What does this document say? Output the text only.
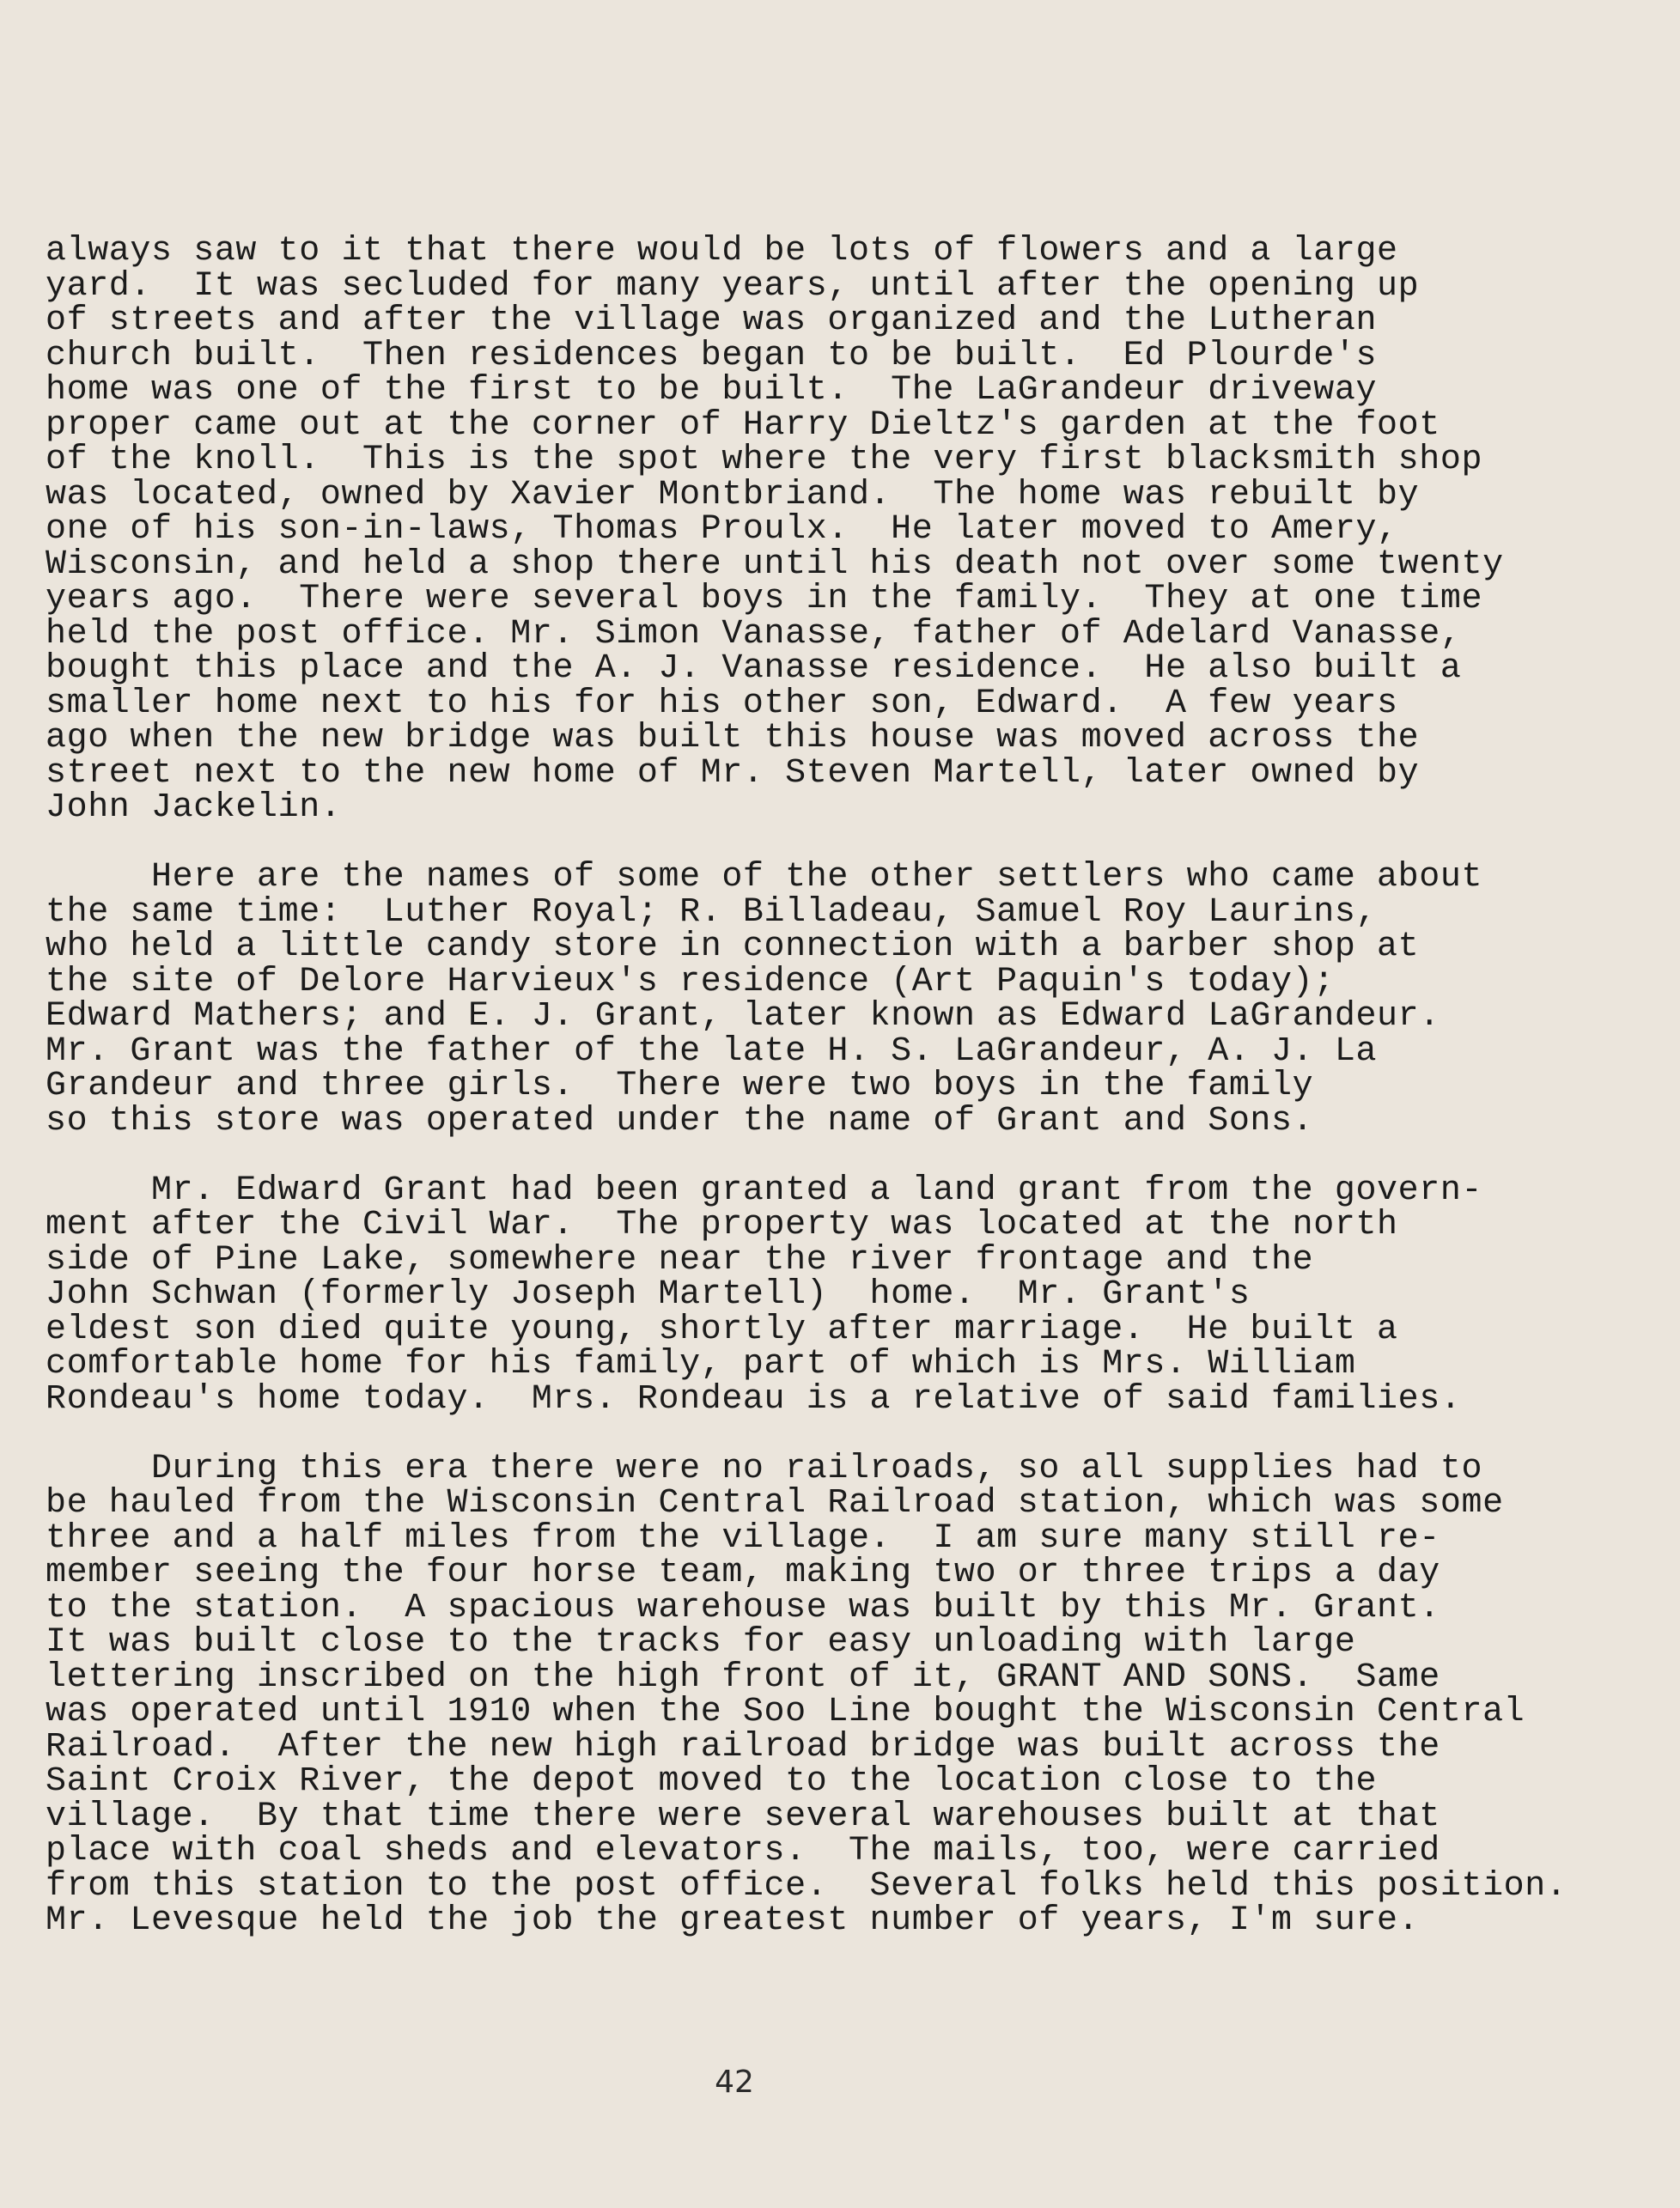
always saw to it that there would be lots of flowers and a large
yard.  It was secluded for many years, until after the opening up
of streets and after the village was organized and the Lutheran
church built.  Then residences began to be built.  Ed Plourde's
home was one of the first to be built.  The LaGrandeur driveway
proper came out at the corner of Harry Dieltz's garden at the foot
of the knoll.  This is the spot where the very first blacksmith shop
was located, owned by Xavier Montbriand.  The home was rebuilt by
one of his son-in-laws, Thomas Proulx.  He later moved to Amery,
Wisconsin, and held a shop there until his death not over some twenty
years ago.  There were several boys in the family.  They at one time
held the post office. Mr. Simon Vanasse, father of Adelard Vanasse,
bought this place and the A. J. Vanasse residence.  He also built a
smaller home next to his for his other son, Edward.  A few years
ago when the new bridge was built this house was moved across the
street next to the new home of Mr. Steven Martell, later owned by
John Jackelin.
Here are the names of some of the other settlers who came about
the same time:  Luther Royal; R. Billadeau, Samuel Roy Laurins,
who held a little candy store in connection with a barber shop at
the site of Delore Harvieux's residence (Art Paquin's today);
Edward Mathers; and E. J. Grant, later known as Edward LaGrandeur.
Mr. Grant was the father of the late H. S. LaGrandeur, A. J. La
Grandeur and three girls.  There were two boys in the family
so this store was operated under the name of Grant and Sons.
Mr. Edward Grant had been granted a land grant from the govern-
ment after the Civil War.  The property was located at the north
side of Pine Lake, somewhere near the river frontage and the
John Schwan (formerly Joseph Martell)  home.  Mr. Grant's
eldest son died quite young, shortly after marriage.  He built a
comfortable home for his family, part of which is Mrs. William
Rondeau's home today.  Mrs. Rondeau is a relative of said families.
During this era there were no railroads, so all supplies had to
be hauled from the Wisconsin Central Railroad station, which was some
three and a half miles from the village.  I am sure many still re-
member seeing the four horse team, making two or three trips a day
to the station.  A spacious warehouse was built by this Mr. Grant.
It was built close to the tracks for easy unloading with large
lettering inscribed on the high front of it, GRANT AND SONS.  Same
was operated until 1910 when the Soo Line bought the Wisconsin Central
Railroad.  After the new high railroad bridge was built across the
Saint Croix River, the depot moved to the location close to the
village.  By that time there were several warehouses built at that
place with coal sheds and elevators.  The mails, too, were carried
from this station to the post office.  Several folks held this position.
Mr. Levesque held the job the greatest number of years, I'm sure.
42
